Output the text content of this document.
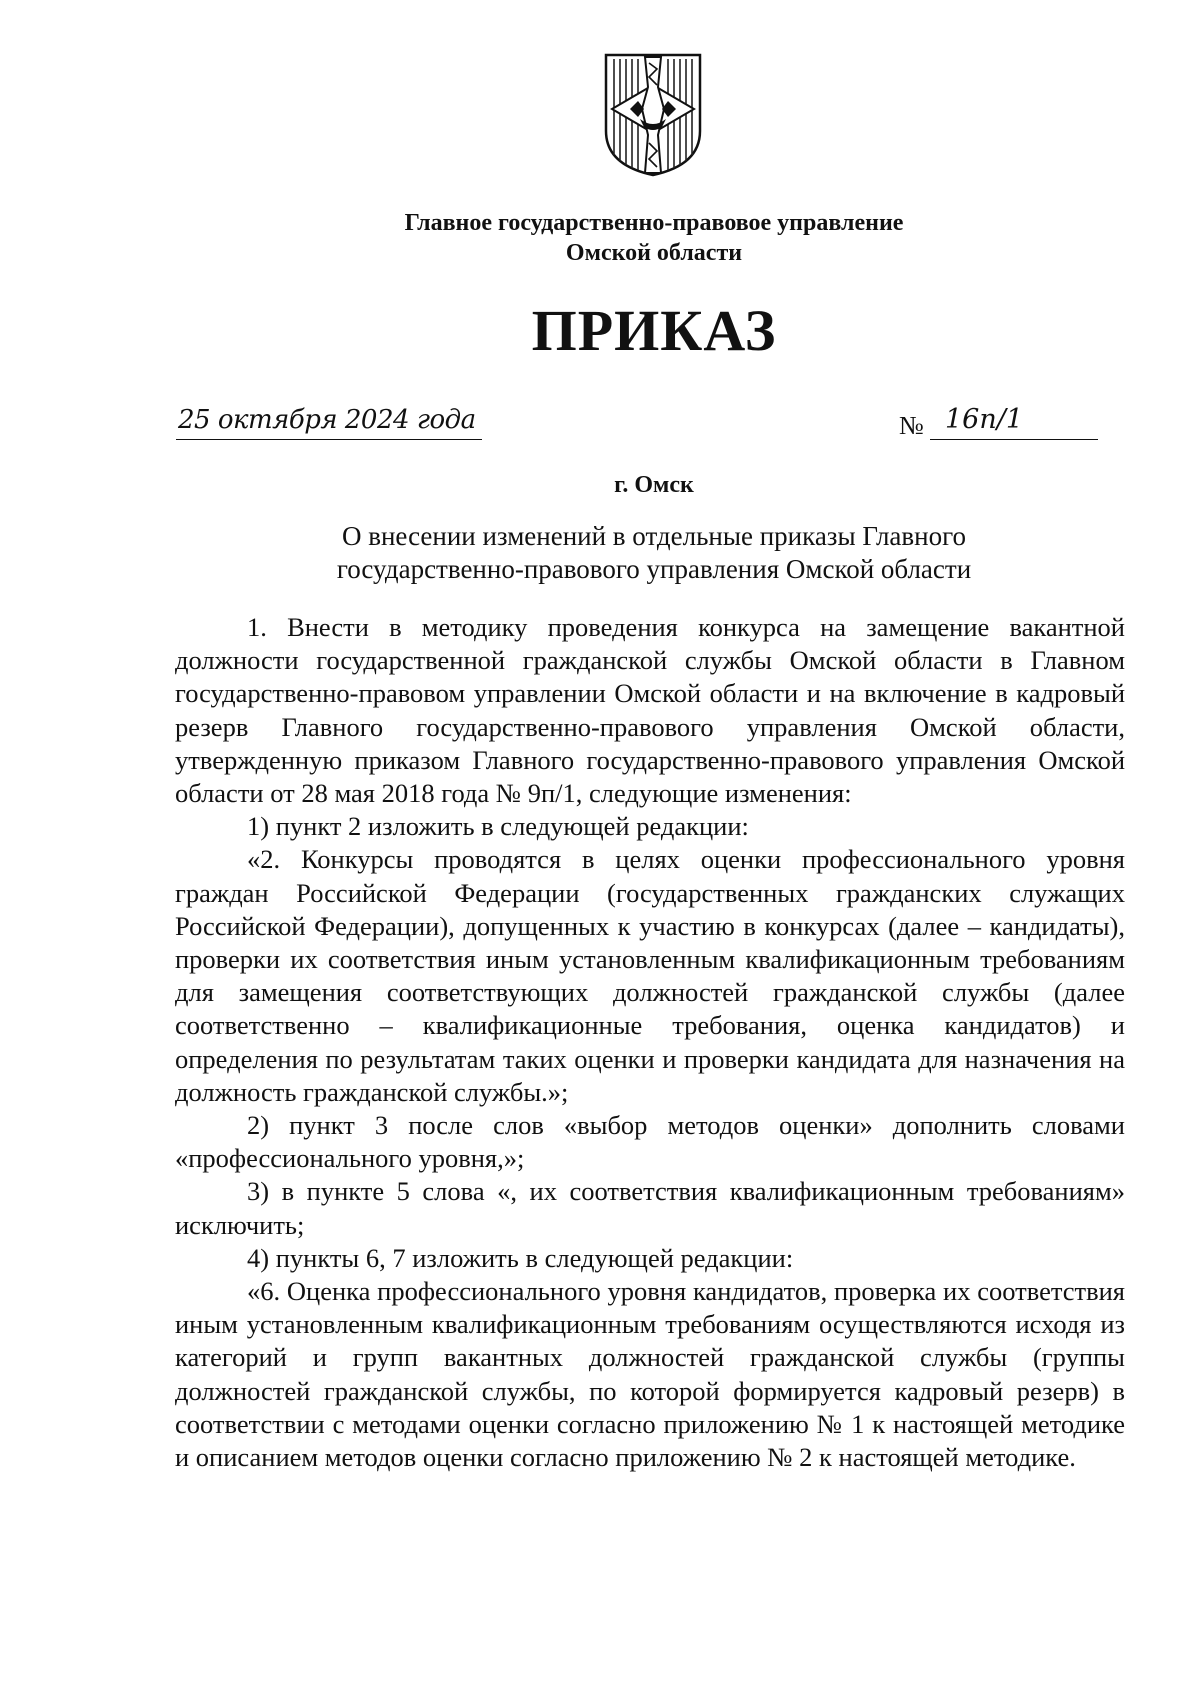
Главное государственно-правовое управление
Омской области
ПРИКАЗ
25 октября 2024 года	№ 16п/1
г. Омск
О внесении изменений в отдельные приказы Главного
государственно-правового управления Омской области

1. Внести в методику проведения конкурса на замещение вакантной должности государственной гражданской службы Омской области в Главном государственно-правовом управлении Омской области и на включение в кадровый резерв Главного государственно-правового управления Омской области, утвержденную приказом Главного государственно-правового управления Омской области от 28 мая 2018 года № 9п/1, следующие изменения:

1) пункт 2 изложить в следующей редакции:

«2. Конкурсы проводятся в целях оценки профессионального уровня граждан Российской Федерации (государственных гражданских служащих Российской Федерации), допущенных к участию в конкурсах (далее – кандидаты), проверки их соответствия иным установленным квалификационным требованиям для замещения соответствующих должностей гражданской службы (далее соответственно – квалификационные требования, оценка кандидатов) и определения по результатам таких оценки и проверки кандидата для назначения на должность гражданской службы.»;

2) пункт 3 после слов «выбор методов оценки» дополнить словами «профессионального уровня,»;

3) в пункте 5 слова «, их соответствия квалификационным требованиям» исключить;

4) пункты 6, 7 изложить в следующей редакции:

«6. Оценка профессионального уровня кандидатов, проверка их соответствия иным установленным квалификационным требованиям осуществляются исходя из категорий и групп вакантных должностей гражданской службы (группы должностей гражданской службы, по которой формируется кадровый резерв) в соответствии с методами оценки согласно приложению № 1 к настоящей методике и описанием методов оценки согласно приложению № 2 к настоящей методике.
